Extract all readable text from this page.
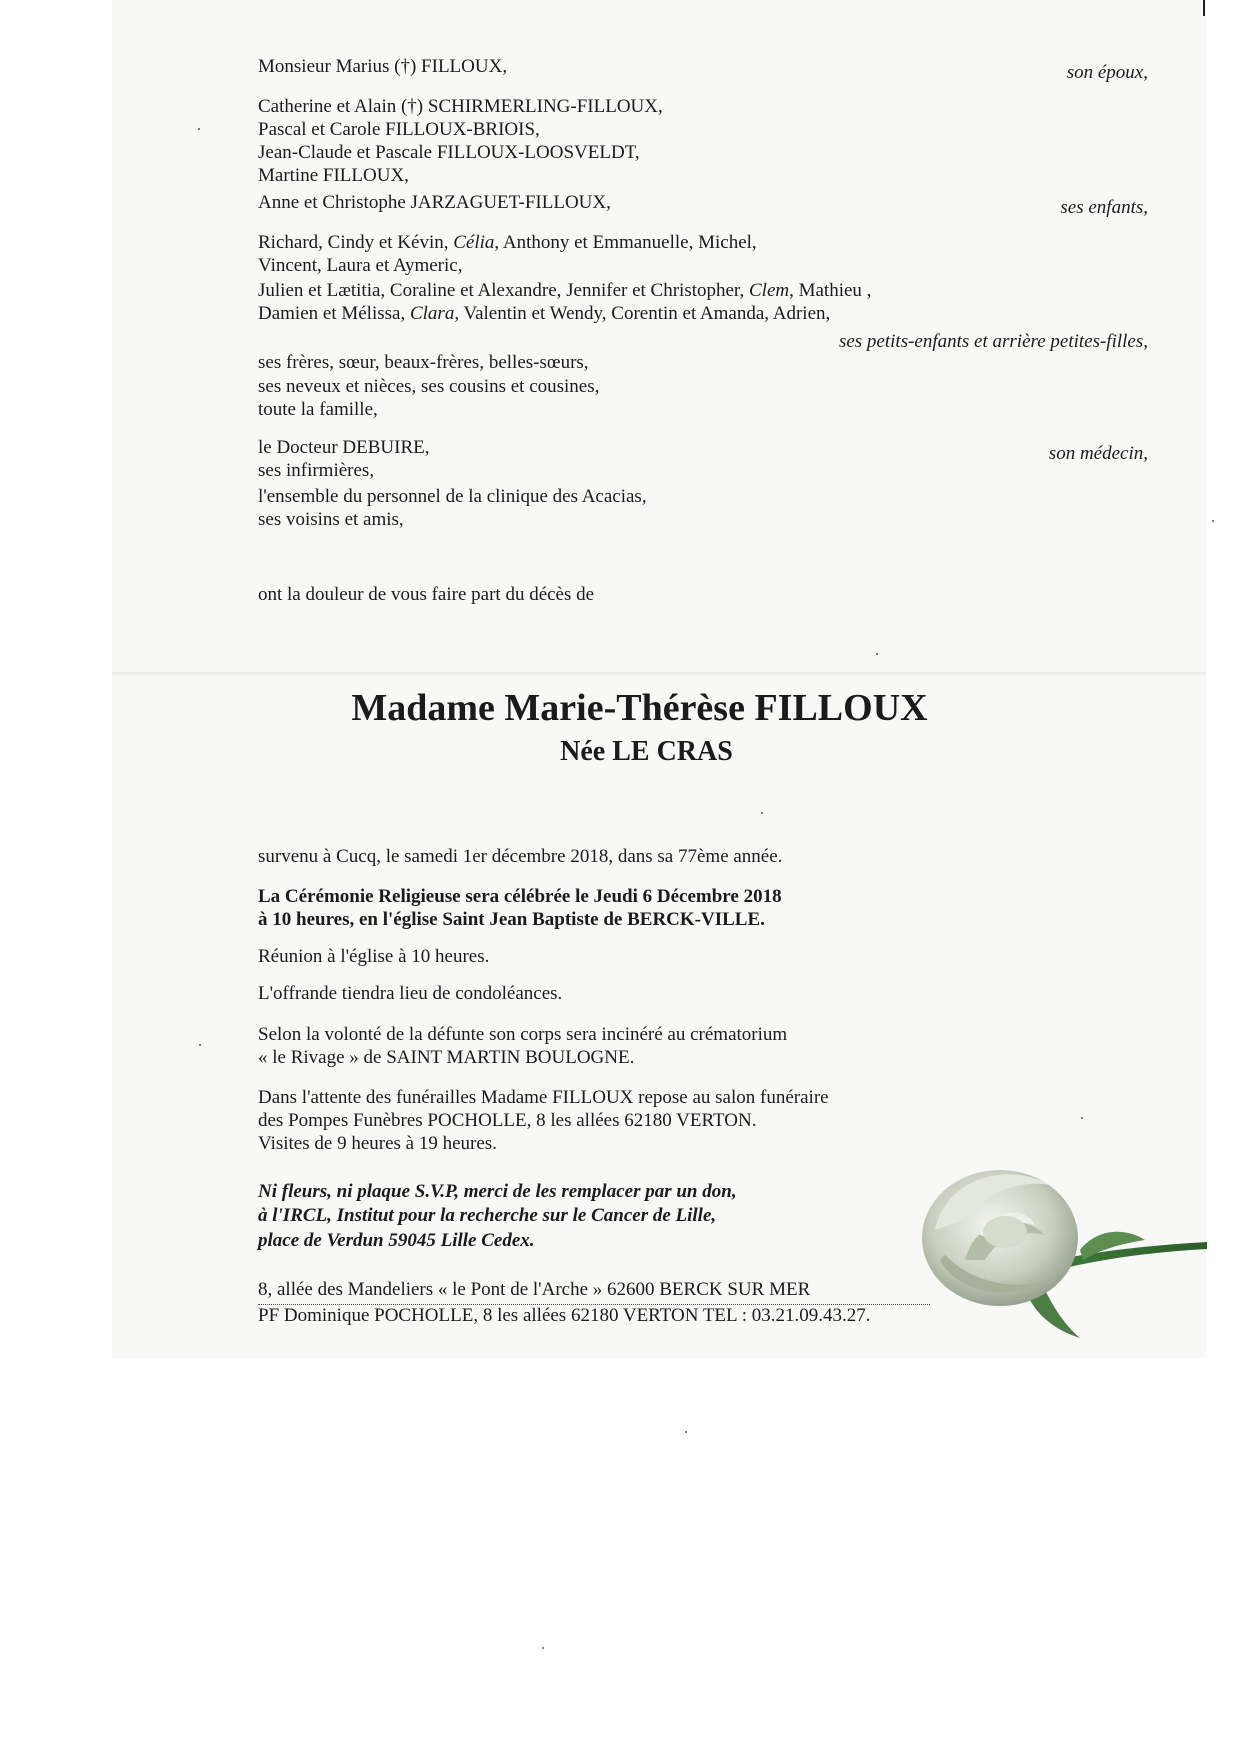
Monsieur Marius (†) FILLOUX,	son époux,
Catherine et Alain (†) SCHIRMERLING-FILLOUX,
Pascal et Carole FILLOUX-BRIOIS,
Jean-Claude et Pascale FILLOUX-LOOSVELDT,
Martine FILLOUX,
Anne et Christophe JARZAGUET-FILLOUX,	ses enfants,
Richard, Cindy et Kévin, Célia, Anthony et Emmanuelle, Michel,
Vincent, Laura et Aymeric,
Julien et Lætitia, Coraline et Alexandre, Jennifer et Christopher, Clem, Mathieu ,
Damien et Mélissa, Clara, Valentin et Wendy, Corentin et Amanda, Adrien,
ses petits-enfants et arrière petites-filles,
ses frères, sœur, beaux-frères, belles-sœurs,
ses neveux et nièces, ses cousins et cousines,
toute la famille,
le Docteur DEBUIRE,	son médecin,
ses infirmières,
l'ensemble du personnel de la clinique des Acacias,
ses voisins et amis,
ont la douleur de vous faire part du décès de
Madame Marie-Thérèse FILLOUX
Née LE CRAS
survenu à Cucq, le samedi 1er décembre 2018, dans sa 77ème année.
La Cérémonie Religieuse sera célébrée le Jeudi 6 Décembre 2018
à 10 heures, en l'église Saint Jean Baptiste de BERCK-VILLE.
Réunion à l'église à 10 heures.
L'offrande tiendra lieu de condoléances.
Selon la volonté de la défunte son corps sera incinéré au crématorium
« le Rivage » de SAINT MARTIN BOULOGNE.
Dans l'attente des funérailles Madame FILLOUX repose au salon funéraire
des Pompes Funèbres POCHOLLE, 8 les allées 62180 VERTON.
Visites de 9 heures à 19 heures.
Ni fleurs, ni plaque S.V.P, merci de les remplacer par un don,
à l'IRCL, Institut pour la recherche sur le Cancer de Lille,
place de Verdun 59045 Lille Cedex.
8, allée des Mandeliers « le Pont de l'Arche » 62600 BERCK SUR MER
PF Dominique POCHOLLE, 8 les allées 62180 VERTON TEL : 03.21.09.43.27.
